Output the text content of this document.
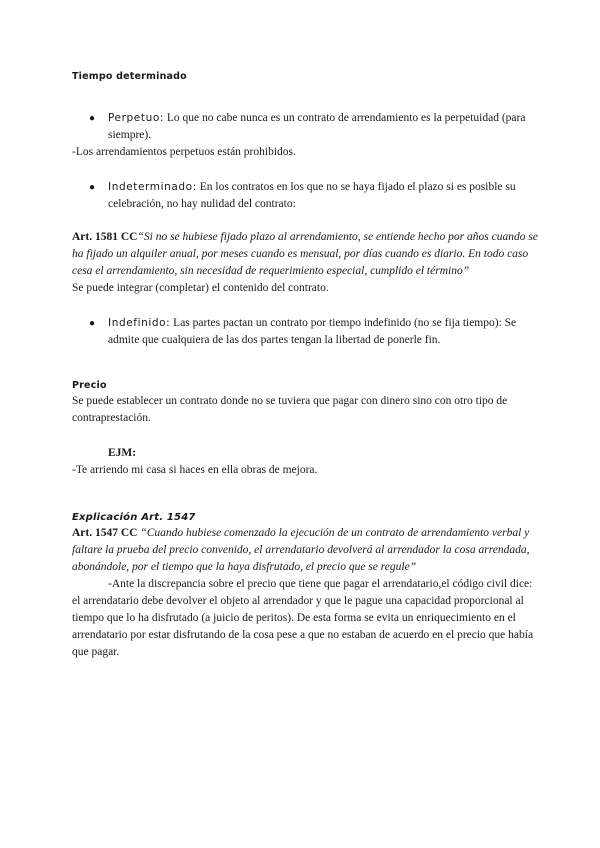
Tiempo determinado
● Perpetuo: Lo que no cabe nunca es un contrato de arrendamiento es la perpetuidad (para siempre).

-Los arrendamientos perpetuos están prohibidos.

● Indeterminado: En los contratos en los que no se haya fijado el plazo si es posible su celebración, no hay nulidad del contrato:

Art. 1581 CC“Si no se hubiese fijado plazo al arrendamiento, se entiende hecho por años cuando se ha fijado un alquiler anual, por meses cuando es mensual, por días cuando es diario. En todo caso cesa el arrendamiento, sin necesidad de requerimiento especial, cumplido el término”

Se puede integrar (completar) el contenido del contrato.

● Indefinido: Las partes pactan un contrato por tiempo indefinido (no se fija tiempo): Se admite que cualquiera de las dos partes tengan la libertad de ponerle fin.
Precio

Se puede establecer un contrato donde no se tuviera que pagar con dinero sino con otro tipo de contraprestación.

EJM:

-Te arriendo mi casa si haces en ella obras de mejora.

Explicación Art. 1547

Art. 1547 CC “Cuando hubiese comenzado la ejecución de un contrato de arrendamiento verbal y faltare la prueba del precio convenido, el arrendatario devolverá al arrendador la cosa arrendada, abonándole, por el tiempo que la haya disfrutado, el precio que se regule”

-Ante la discrepancia sobre el precio que tiene que pagar el arrendatario,el código civil dice: el arrendatario debe devolver el objeto al arrendador y que le pague una capacidad proporcional al tiempo que lo ha disfrutado (a juicio de peritos). De esta forma se evita un enriquecimiento en el arrendatario por estar disfrutando de la cosa pese a que no estaban de acuerdo en el precio que había que pagar.
